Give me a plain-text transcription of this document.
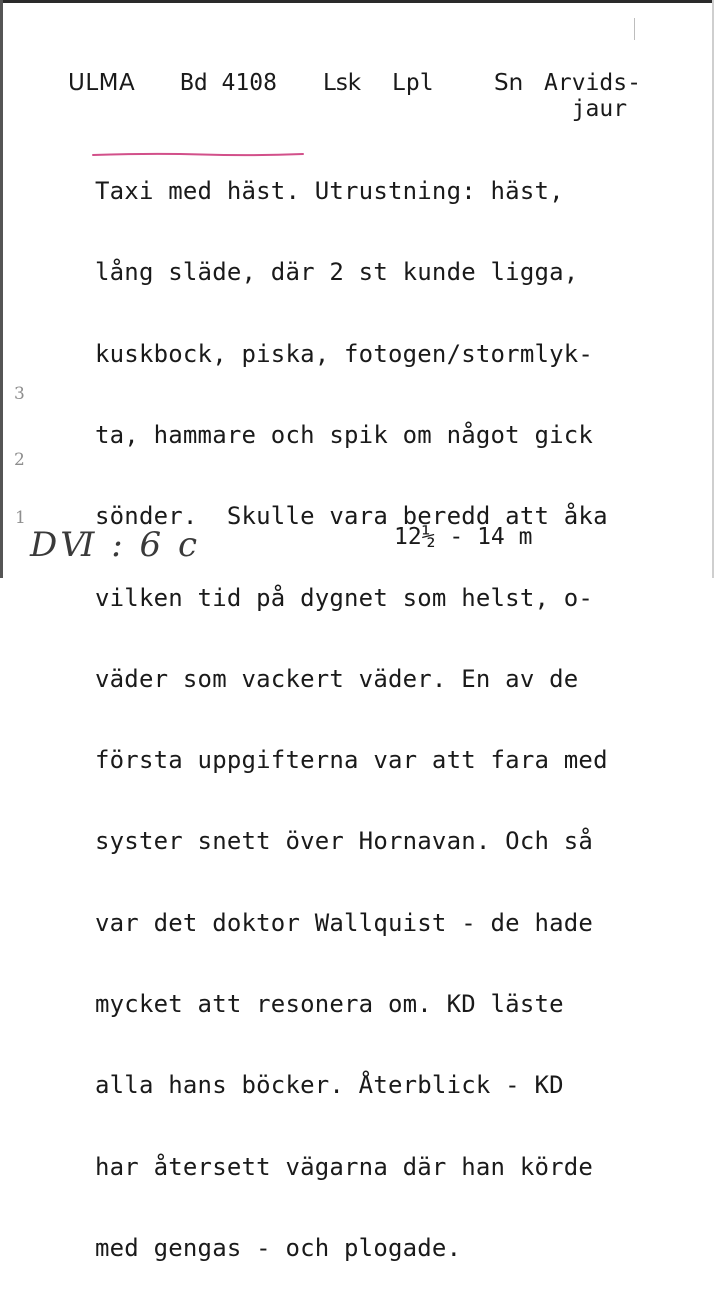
ULMA Bd 4108 Lsk Lpl	Sn Arvids-
jaur

Taxi med häst. Utrustning: häst,

lång släde, där 2 st kunde ligga,

kuskbock, piska, fotogen/stormlyk-

ta, hammare och spik om något gick

sönder.  Skulle vara beredd att åka

vilken tid på dygnet som helst, o-

väder som vackert väder. En av de

första uppgifterna var att fara med

syster snett över Hornavan. Och så

var det doktor Wallquist - de hade

mycket att resonera om. KD läste

alla hans böcker. Återblick - KD

har återsett vägarna där han körde

med gengas - och plogade.

3
2
1
DⅥ : 6 c	12½ - 14 m
